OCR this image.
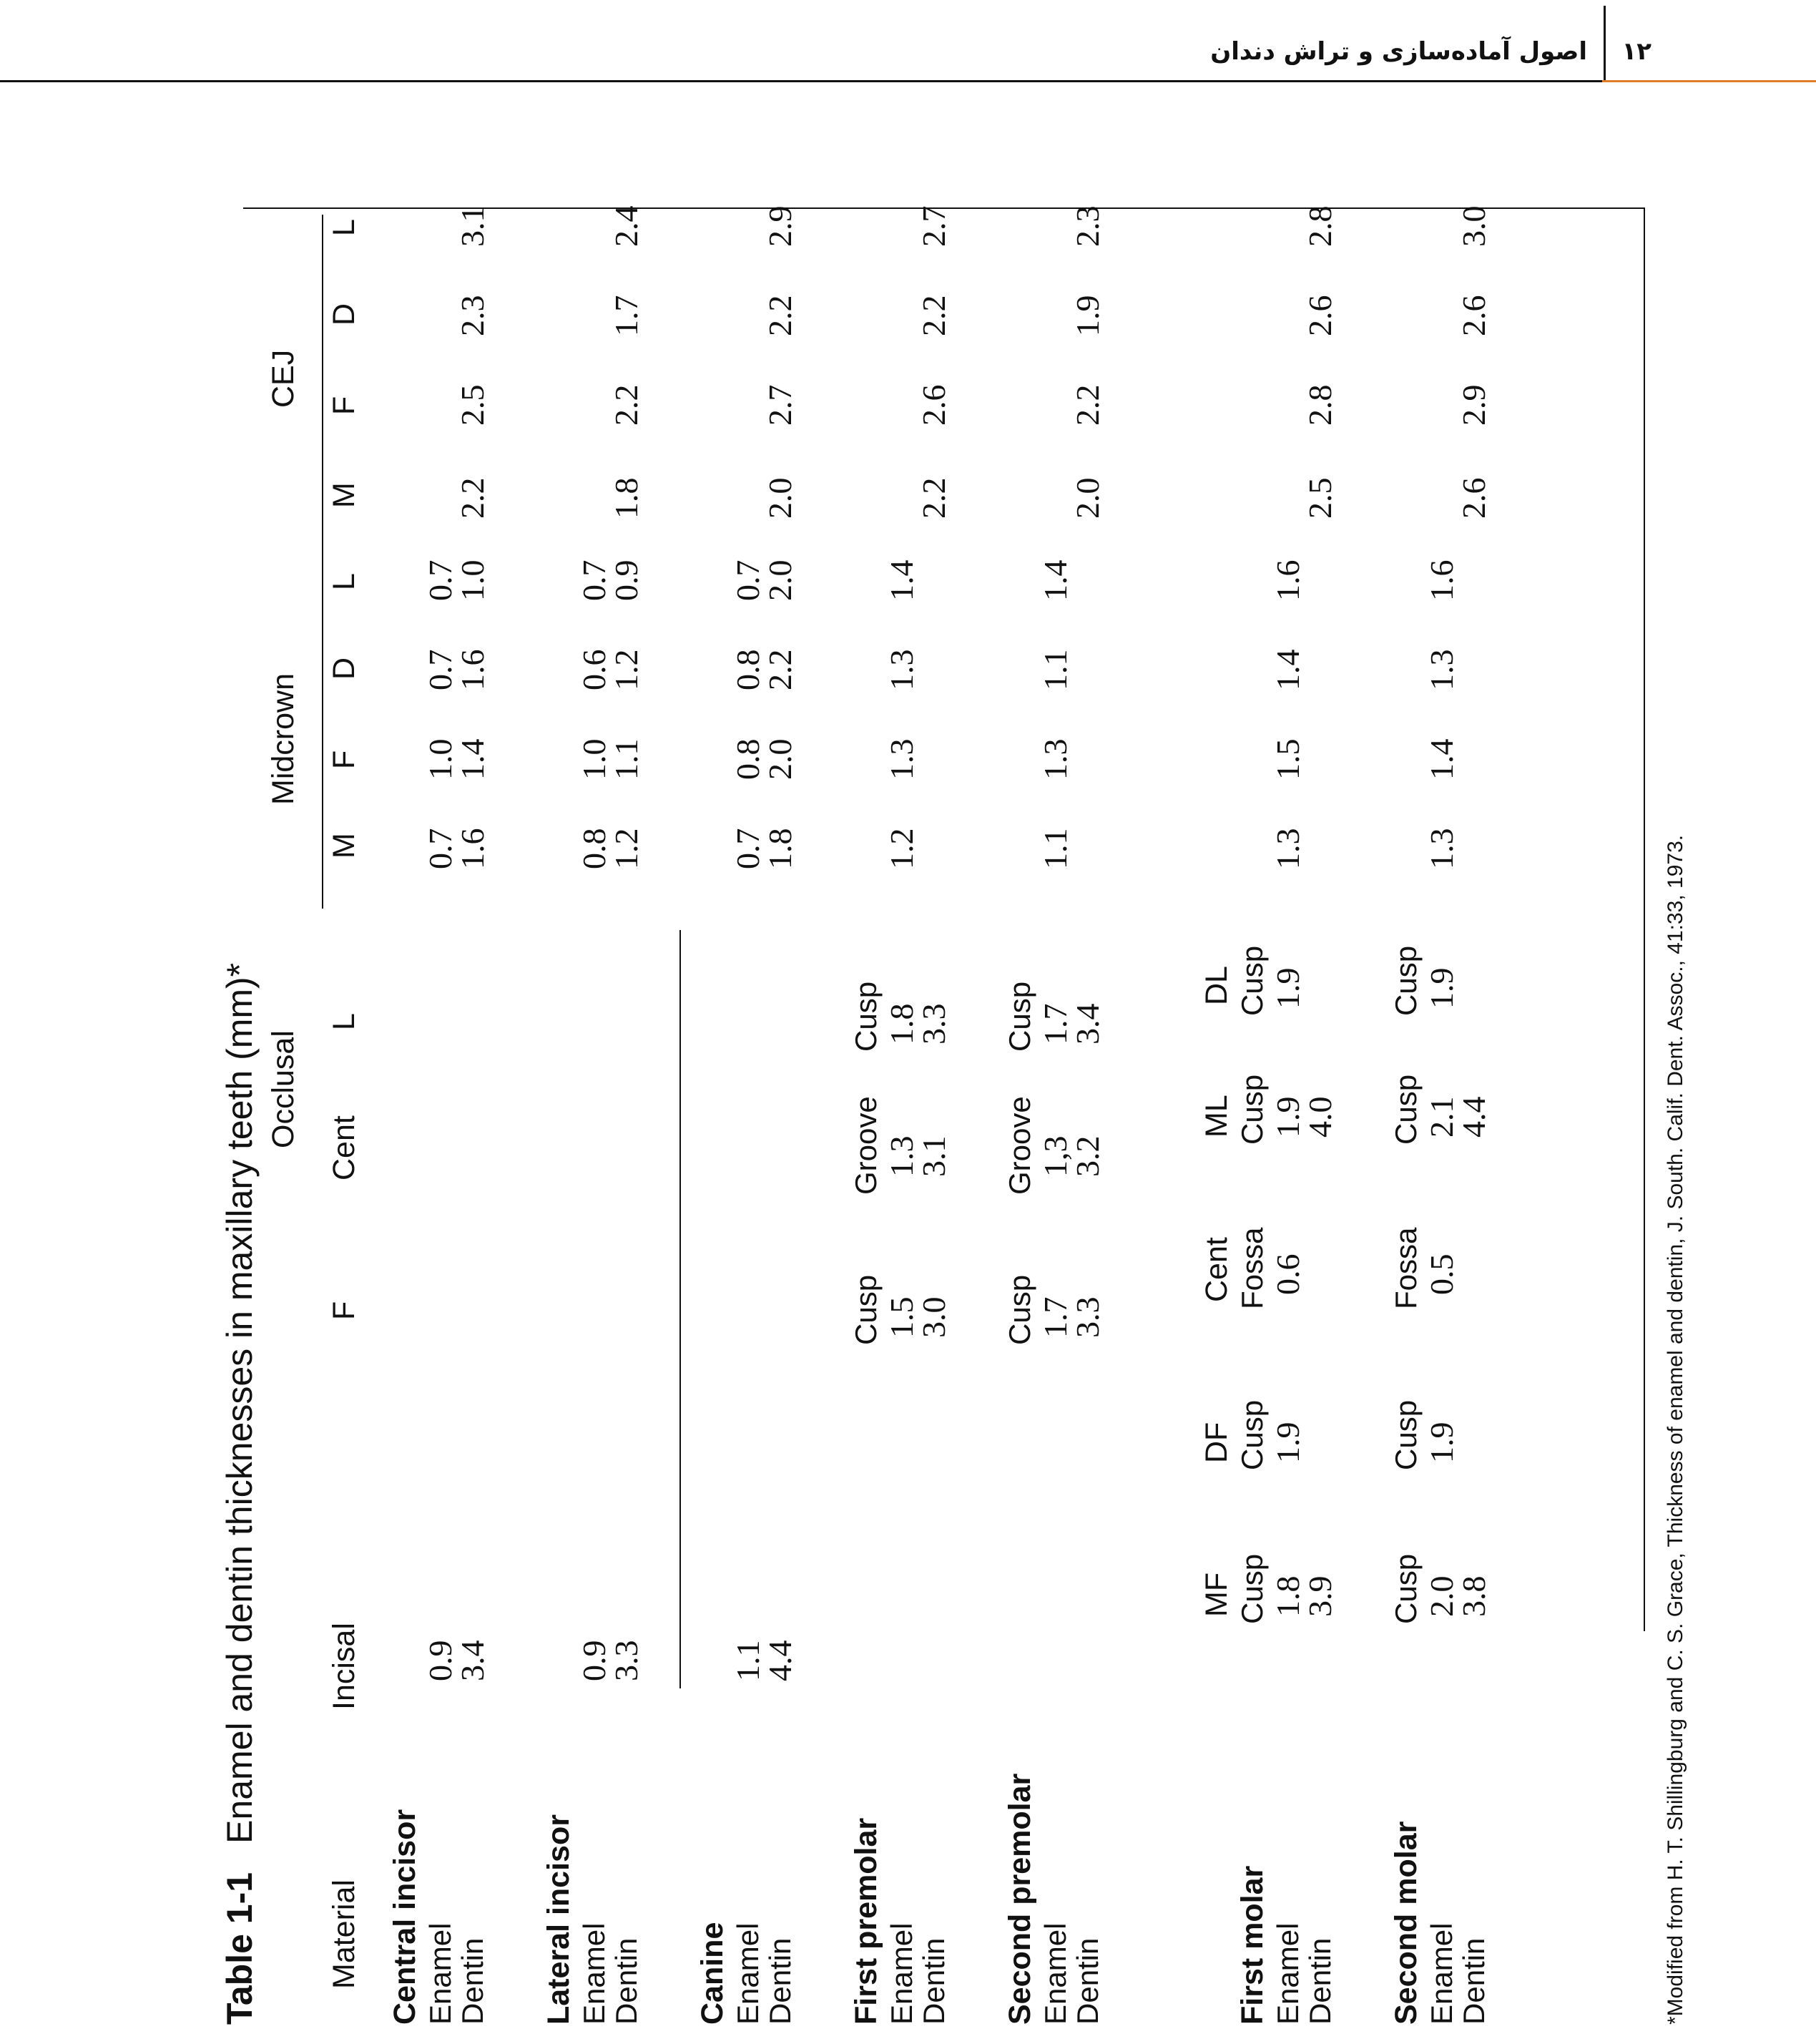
اصول آماده‌سازی و تراش دندان ۱۲
Table 1-1Enamel and dentin thicknesses in maxillary teeth (mm)* Occlusal
Midcrown
CEJ
Material
Incisal
F
Cent
L
M
F
D
L
M
F
D
L
Central incisor Enamel
Dentin
0.9
3.4
0.7
1.6
1.0
1.4
0.7
1.6
0.7
1.0
2.2
2.5
2.3
3.1
Lateral incisor Enamel
Dentin
0.9
3.3
0.8
1.2
1.0
1.1
0.6
1.2
0.7
0.9
1.8
2.2
1.7
2.4
Canine Enamel
Dentin
1.1
4.4
0.7
1.8
0.8
2.0
0.8
2.2
0.7
2.0
2.0
2.7
2.2
2.9
First premolar Enamel
Dentin
Cusp 1.5
3.0
Groove 1.3
3.1
Cusp 1.8
3.3
1.2
1.3
1.3
1.4
2.2
2.6
2.2
2.7
Second premolar Enamel
Dentin
Cusp 1.7
3.3
Groove 1,3
3.2
Cusp 1.7
3.4
1.1
1.3
1.1
1.4
2.0
2.2
1.9
2.3
MF
DF
Cent
ML
DL
First molar Enamel
Dentin
Cusp 1.8
3.9
Cusp 1.9
Fossa 0.6
Cusp 1.9
4.0
Cusp 1.9
1.3
1.5
1.4
1.6
2.5
2.8
2.6
2.8
Second molar Enamel
Dentin
Cusp 2.0
3.8
Cusp 1.9
Fossa 0.5
Cusp 2.1
4.4
Cusp 1.9
1.3
1.4
1.3
1.6
2.6
2.9
2.6
3.0
*Modified from H. T. Shillingburg and C. S. Grace, Thickness of enamel and dentin, J. South. Calif. Dent. Assoc., 41:33, 1973.
